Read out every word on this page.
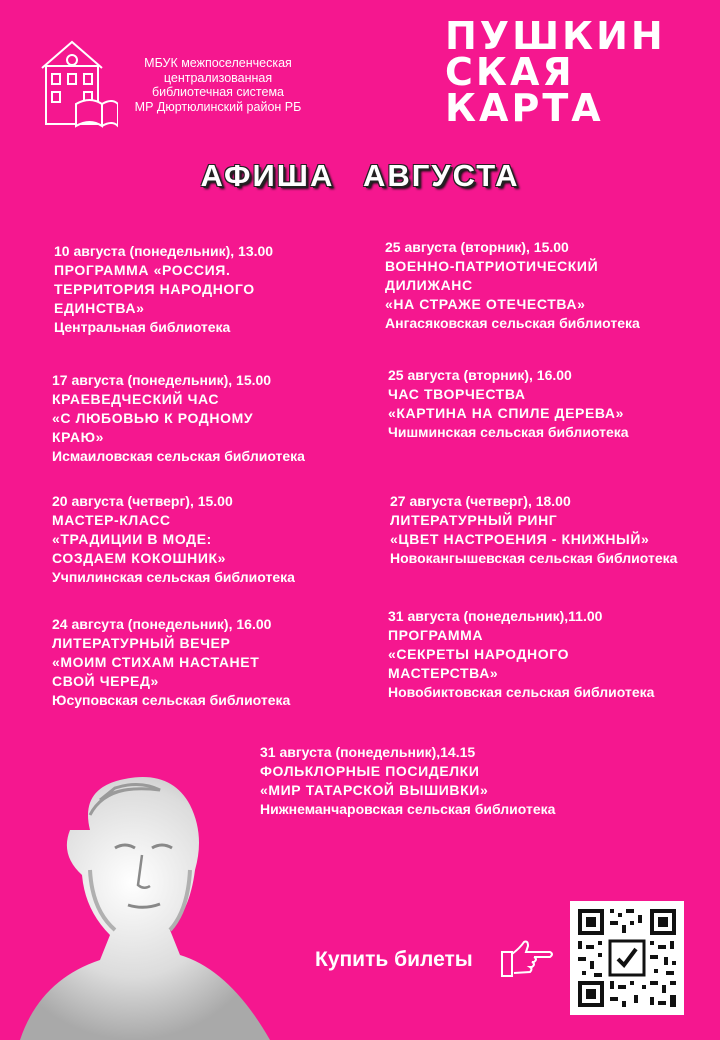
МБУК межпоселенческая
централизованная
библиотечная система
МР Дюртюлинский район РБ
ПУШКИН
СКАЯ
КАРТА
АФИША АВГУСТА
10 августа (понедельник), 13.00
ПРОГРАММА «РОССИЯ.
ТЕРРИТОРИЯ НАРОДНОГО
ЕДИНСТВА»
Центральная библиотека
25 августа (вторник), 15.00
ВОЕННО-ПАТРИОТИЧЕСКИЙ
ДИЛИЖАНС
«НА СТРАЖЕ ОТЕЧЕСТВА»
Ангасяковская сельская библиотека
17 августа (понедельник), 15.00
КРАЕВЕДЧЕСКИЙ ЧАС
«С ЛЮБОВЬЮ К РОДНОМУ
КРАЮ»
Исмаиловская сельская библиотека
25 августа (вторник), 16.00
ЧАС ТВОРЧЕСТВА
«КАРТИНА НА СПИЛЕ ДЕРЕВА»
Чишминская сельская библиотека
20 августа (четверг), 15.00
МАСТЕР-КЛАСС
«ТРАДИЦИИ В МОДЕ:
СОЗДАЕМ КОКОШНИК»
Учпилинская сельская библиотека
27 августа (четверг), 18.00
ЛИТЕРАТУРНЫЙ РИНГ
«ЦВЕТ НАСТРОЕНИЯ - КНИЖНЫЙ»
Новокангышевская сельская библиотека
24 авгсута (понедельник), 16.00
ЛИТЕРАТУРНЫЙ ВЕЧЕР
«МОИМ СТИХАМ НАСТАНЕТ
СВОЙ ЧЕРЕД»
Юсуповская сельская библиотека
31 августа (понедельник),11.00
ПРОГРАММА
«СЕКРЕТЫ НАРОДНОГО
МАСТЕРСТВА»
Новобиктовская сельская библиотека
31 августа (понедельник),14.15
ФОЛЬКЛОРНЫЕ ПОСИДЕЛКИ
«МИР ТАТАРСКОЙ ВЫШИВКИ»
Нижнеманчаровская сельская библиотека
Купить билеты
